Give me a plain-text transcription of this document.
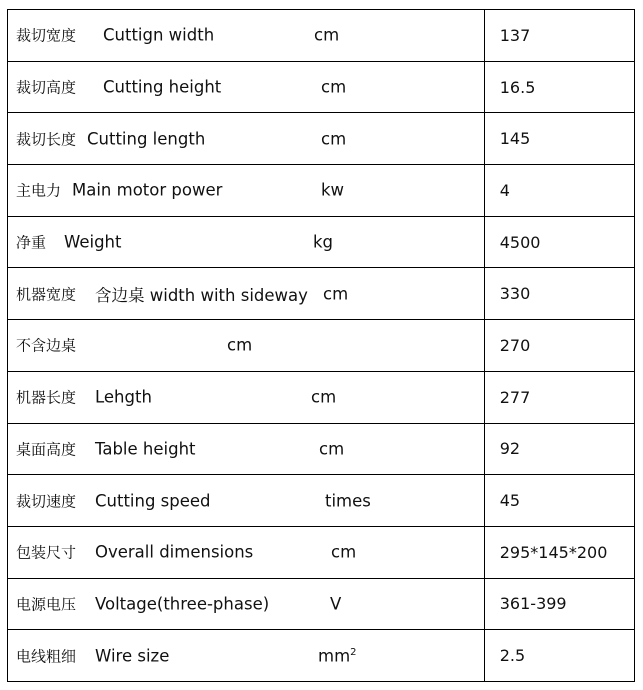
裁切宽度 Cuttign width cm	137

裁切高度 Cutting height cm	16.5

裁切长度 Cutting length cm	145

主电力 Main motor power kw	4

净重 Weight kg	4500

机器宽度 含边桌 width with sideway cm	330

不含边桌 cm	270

机器长度 Lehgth cm	277

桌面高度 Table height cm	92

裁切速度 Cutting speed times	45

包装尺寸 Overall dimensions cm	295*145*200

电源电压 Voltage(three-phase) V	361-399

电线粗细 Wire size $mm^2$	2.5
